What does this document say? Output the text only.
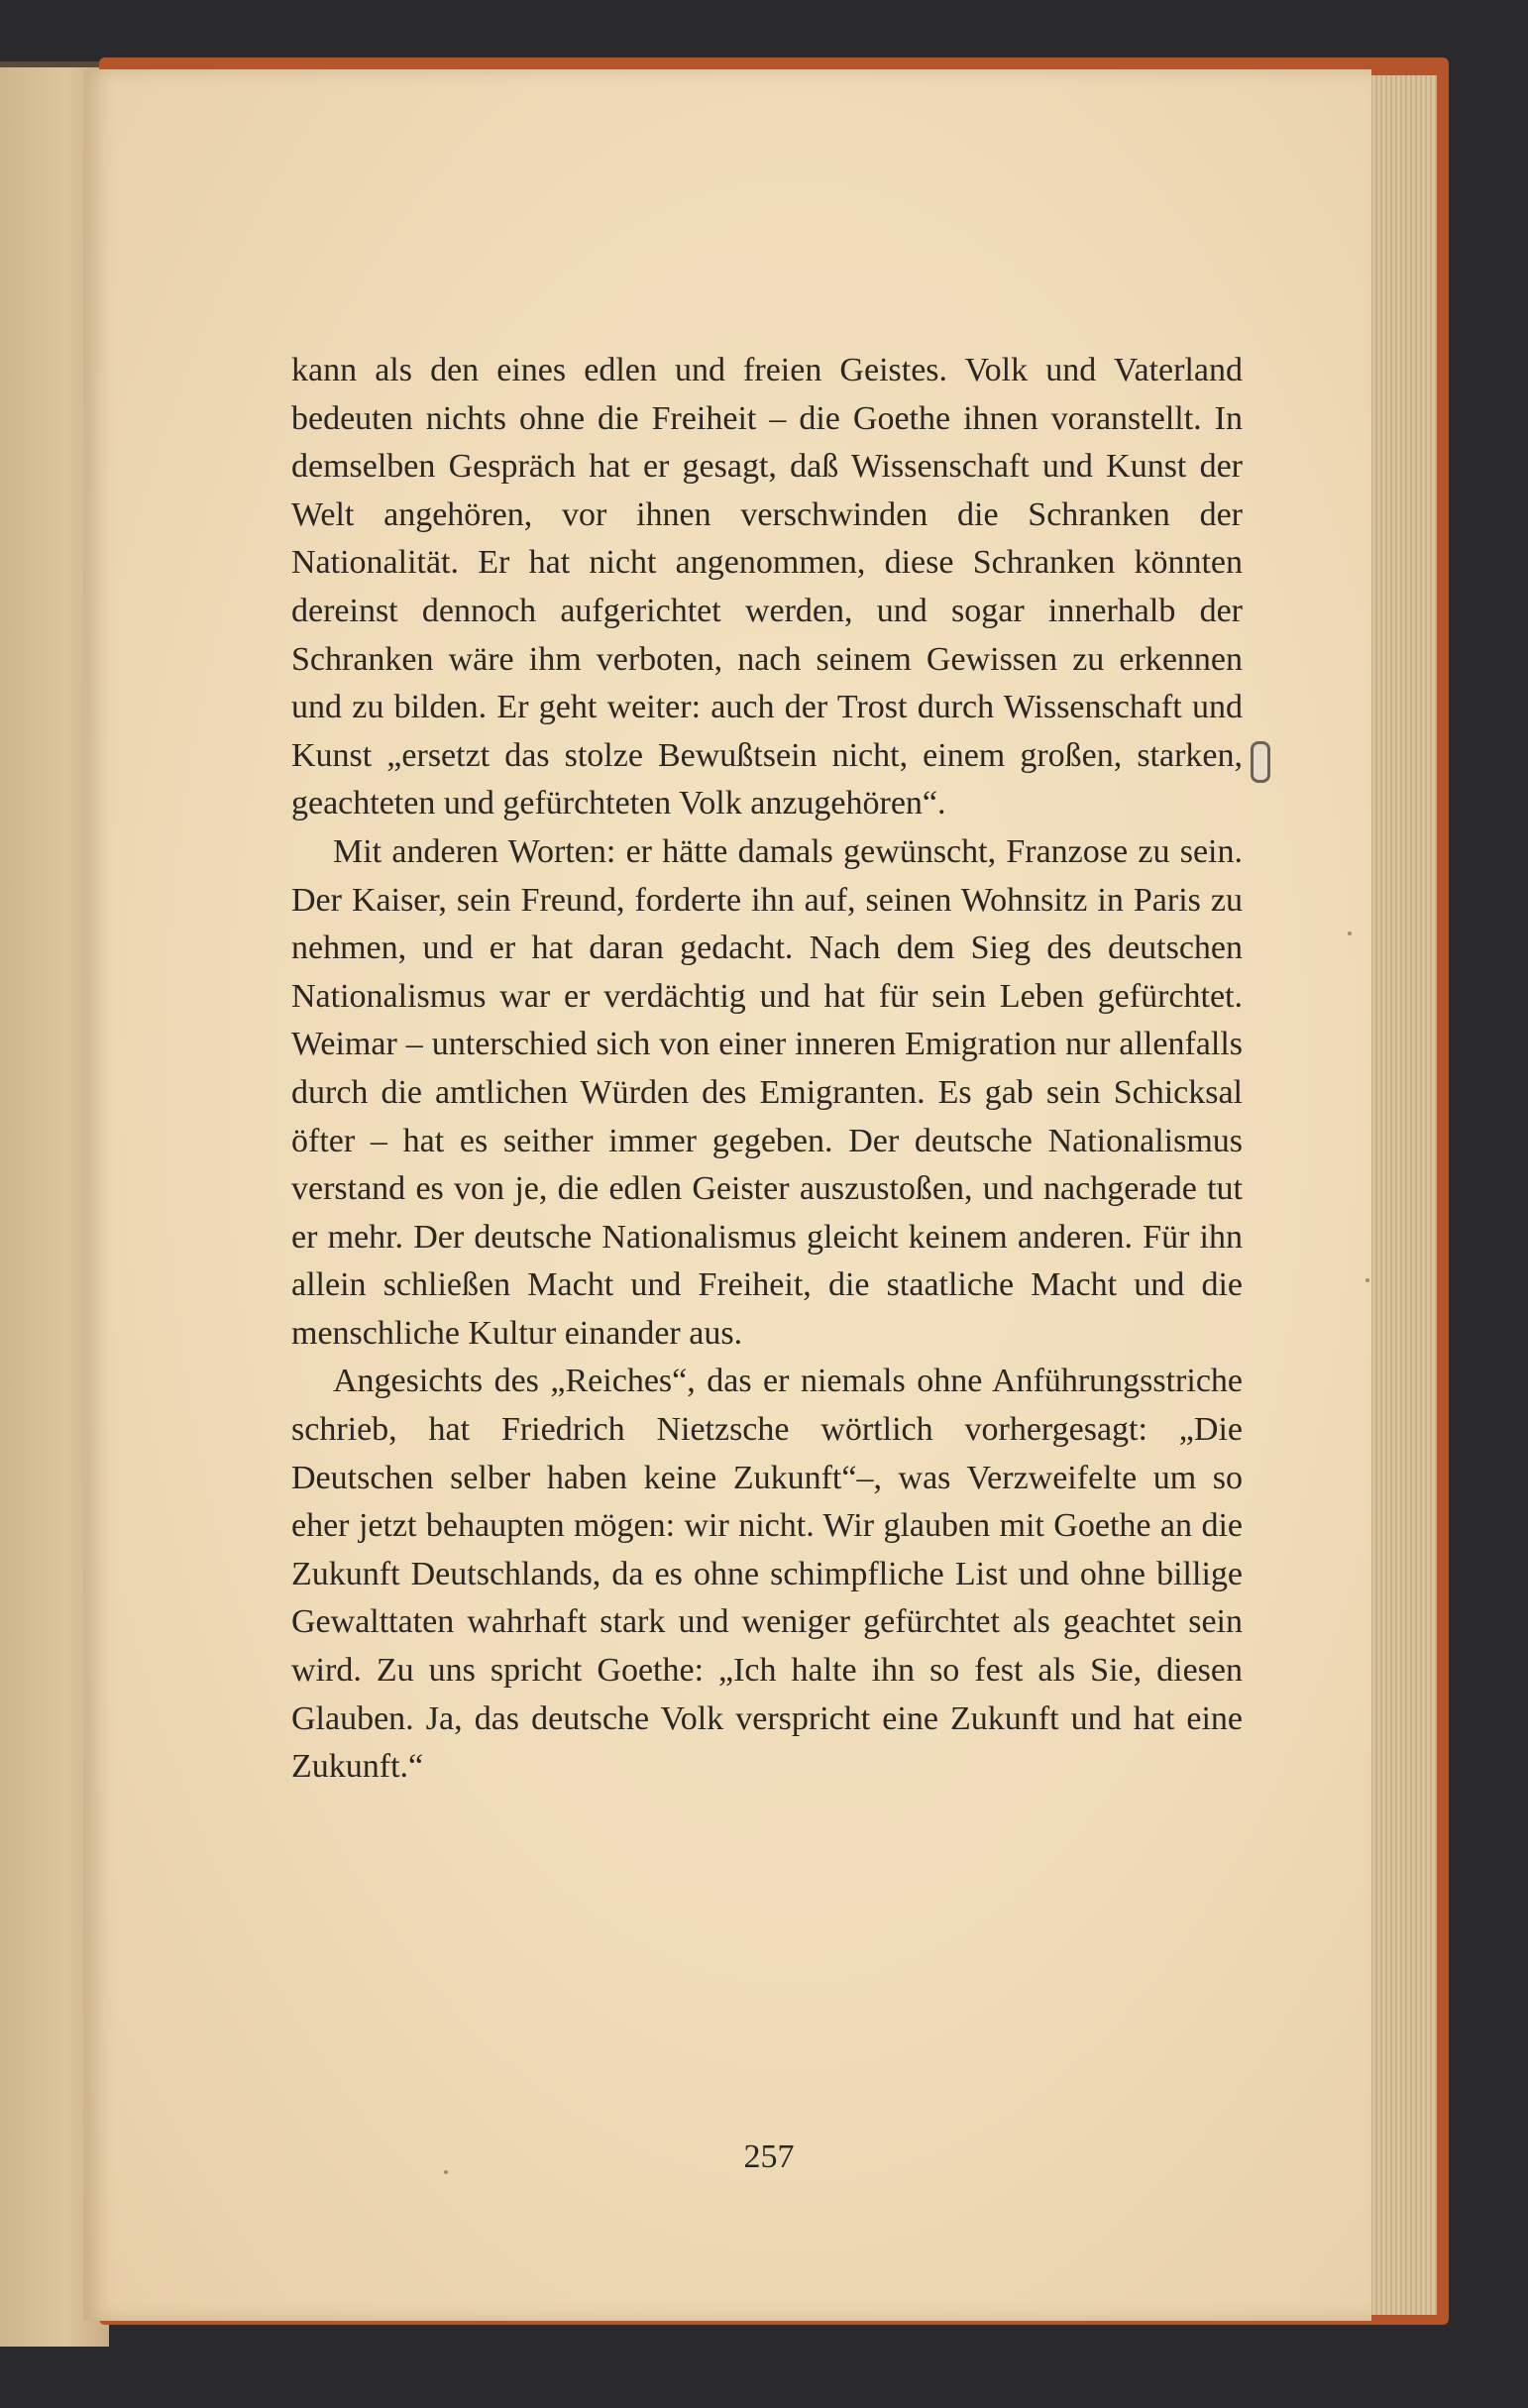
kann als den eines edlen und freien Geistes. Volk und Vaterland bedeuten nichts ohne die Freiheit – die Goethe ihnen voranstellt. In demselben Gespräch hat er gesagt, daß Wissenschaft und Kunst der Welt angehören, vor ihnen verschwinden die Schranken der Nationalität. Er hat nicht angenommen, diese Schranken könnten dereinst dennoch aufgerichtet werden, und sogar innerhalb der Schranken wäre ihm verboten, nach seinem Gewissen zu erkennen und zu bilden. Er geht weiter: auch der Trost durch Wissenschaft und Kunst „ersetzt das stolze Bewußtsein nicht, einem großen, starken, geachteten und gefürchteten Volk anzugehören“.

Mit anderen Worten: er hätte damals gewünscht, Franzose zu sein. Der Kaiser, sein Freund, forderte ihn auf, seinen Wohnsitz in Paris zu nehmen, und er hat daran gedacht. Nach dem Sieg des deutschen Nationalismus war er verdächtig und hat für sein Leben gefürchtet. Weimar – unterschied sich von einer inneren Emigration nur allenfalls durch die amtlichen Würden des Emigranten. Es gab sein Schicksal öfter – hat es seither immer gegeben. Der deutsche Nationalismus verstand es von je, die edlen Geister auszustoßen, und nachgerade tut er mehr. Der deutsche Nationalismus gleicht keinem anderen. Für ihn allein schließen Macht und Freiheit, die staatliche Macht und die menschliche Kultur einander aus.

Angesichts des „Reiches“, das er niemals ohne Anführungsstriche schrieb, hat Friedrich Nietzsche wörtlich vorhergesagt: „Die Deutschen selber haben keine Zukunft“–, was Verzweifelte um so eher jetzt behaupten mögen: wir nicht. Wir glauben mit Goethe an die Zukunft Deutschlands, da es ohne schimpfliche List und ohne billige Gewalttaten wahrhaft stark und weniger gefürchtet als geachtet sein wird. Zu uns spricht Goethe: „Ich halte ihn so fest als Sie, diesen Glauben. Ja, das deutsche Volk verspricht eine Zukunft und hat eine Zukunft.“

257
